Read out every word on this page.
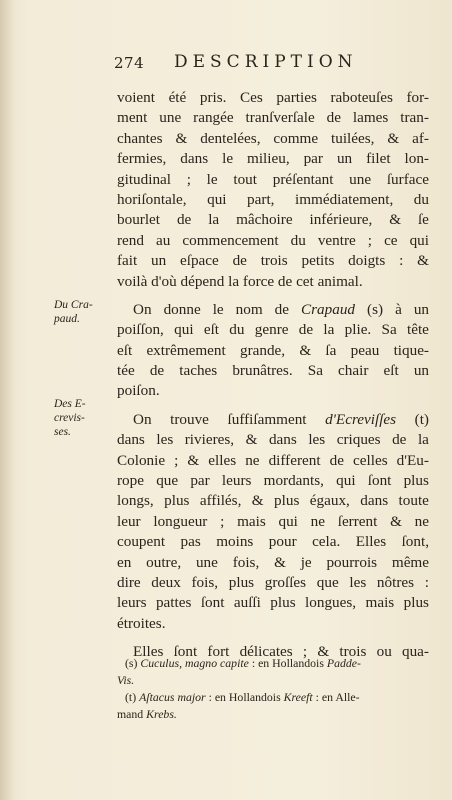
274 DESCRIPTION
Du Cra-
paud.
Des E-
crevis-
ses.
voient été pris. Ces parties raboteuſes for-
ment une rangée tranſverſale de lames tran-
chantes & dentelées, comme tuilées, & af-
fermies, dans le milieu, par un filet lon-
gitudinal ; le tout préſentant une ſurface
horiſontale, qui part, immédiatement, du
bourlet de la mâchoire inférieure, & ſe
rend au commencement du ventre ; ce qui
fait un eſpace de trois petits doigts : &
voilà
d'où
dépend
la
force
de
cet
animal.

On donne le nom de Crapaud (s) à un
poiſſon, qui eſt du genre de la plie. Sa tête
eſt extrêmement grande, & ſa peau tiquе-
tée de taches brunâtres. Sa chair eſt un
poiſon.

On trouve ſuffiſamment d'Ecreviſſes (t)
dans les rivieres, & dans les criques de la
Colonie ; & elles ne different de celles d'Eu-
rope que par leurs mordants, qui ſont plus
longs, plus affilés, & plus égaux, dans toute
leur longueur ; mais qui ne ſerrent & ne
coupent pas moins pour cela. Elles ſont,
en outre, une fois, & je pourrois même
dire deux fois, plus groſſes que les nôtres :
leurs pattes ſont auſſi plus longues, mais plus
étroites.

Elles ſont fort délicates ; & trois ou qua-
(s) Cuculus, magno capite : en Hollandois Padde-
Vis.
(t) Aſtacus major : en Hollandois Kreeft : en Alle-
mand Krebs.
